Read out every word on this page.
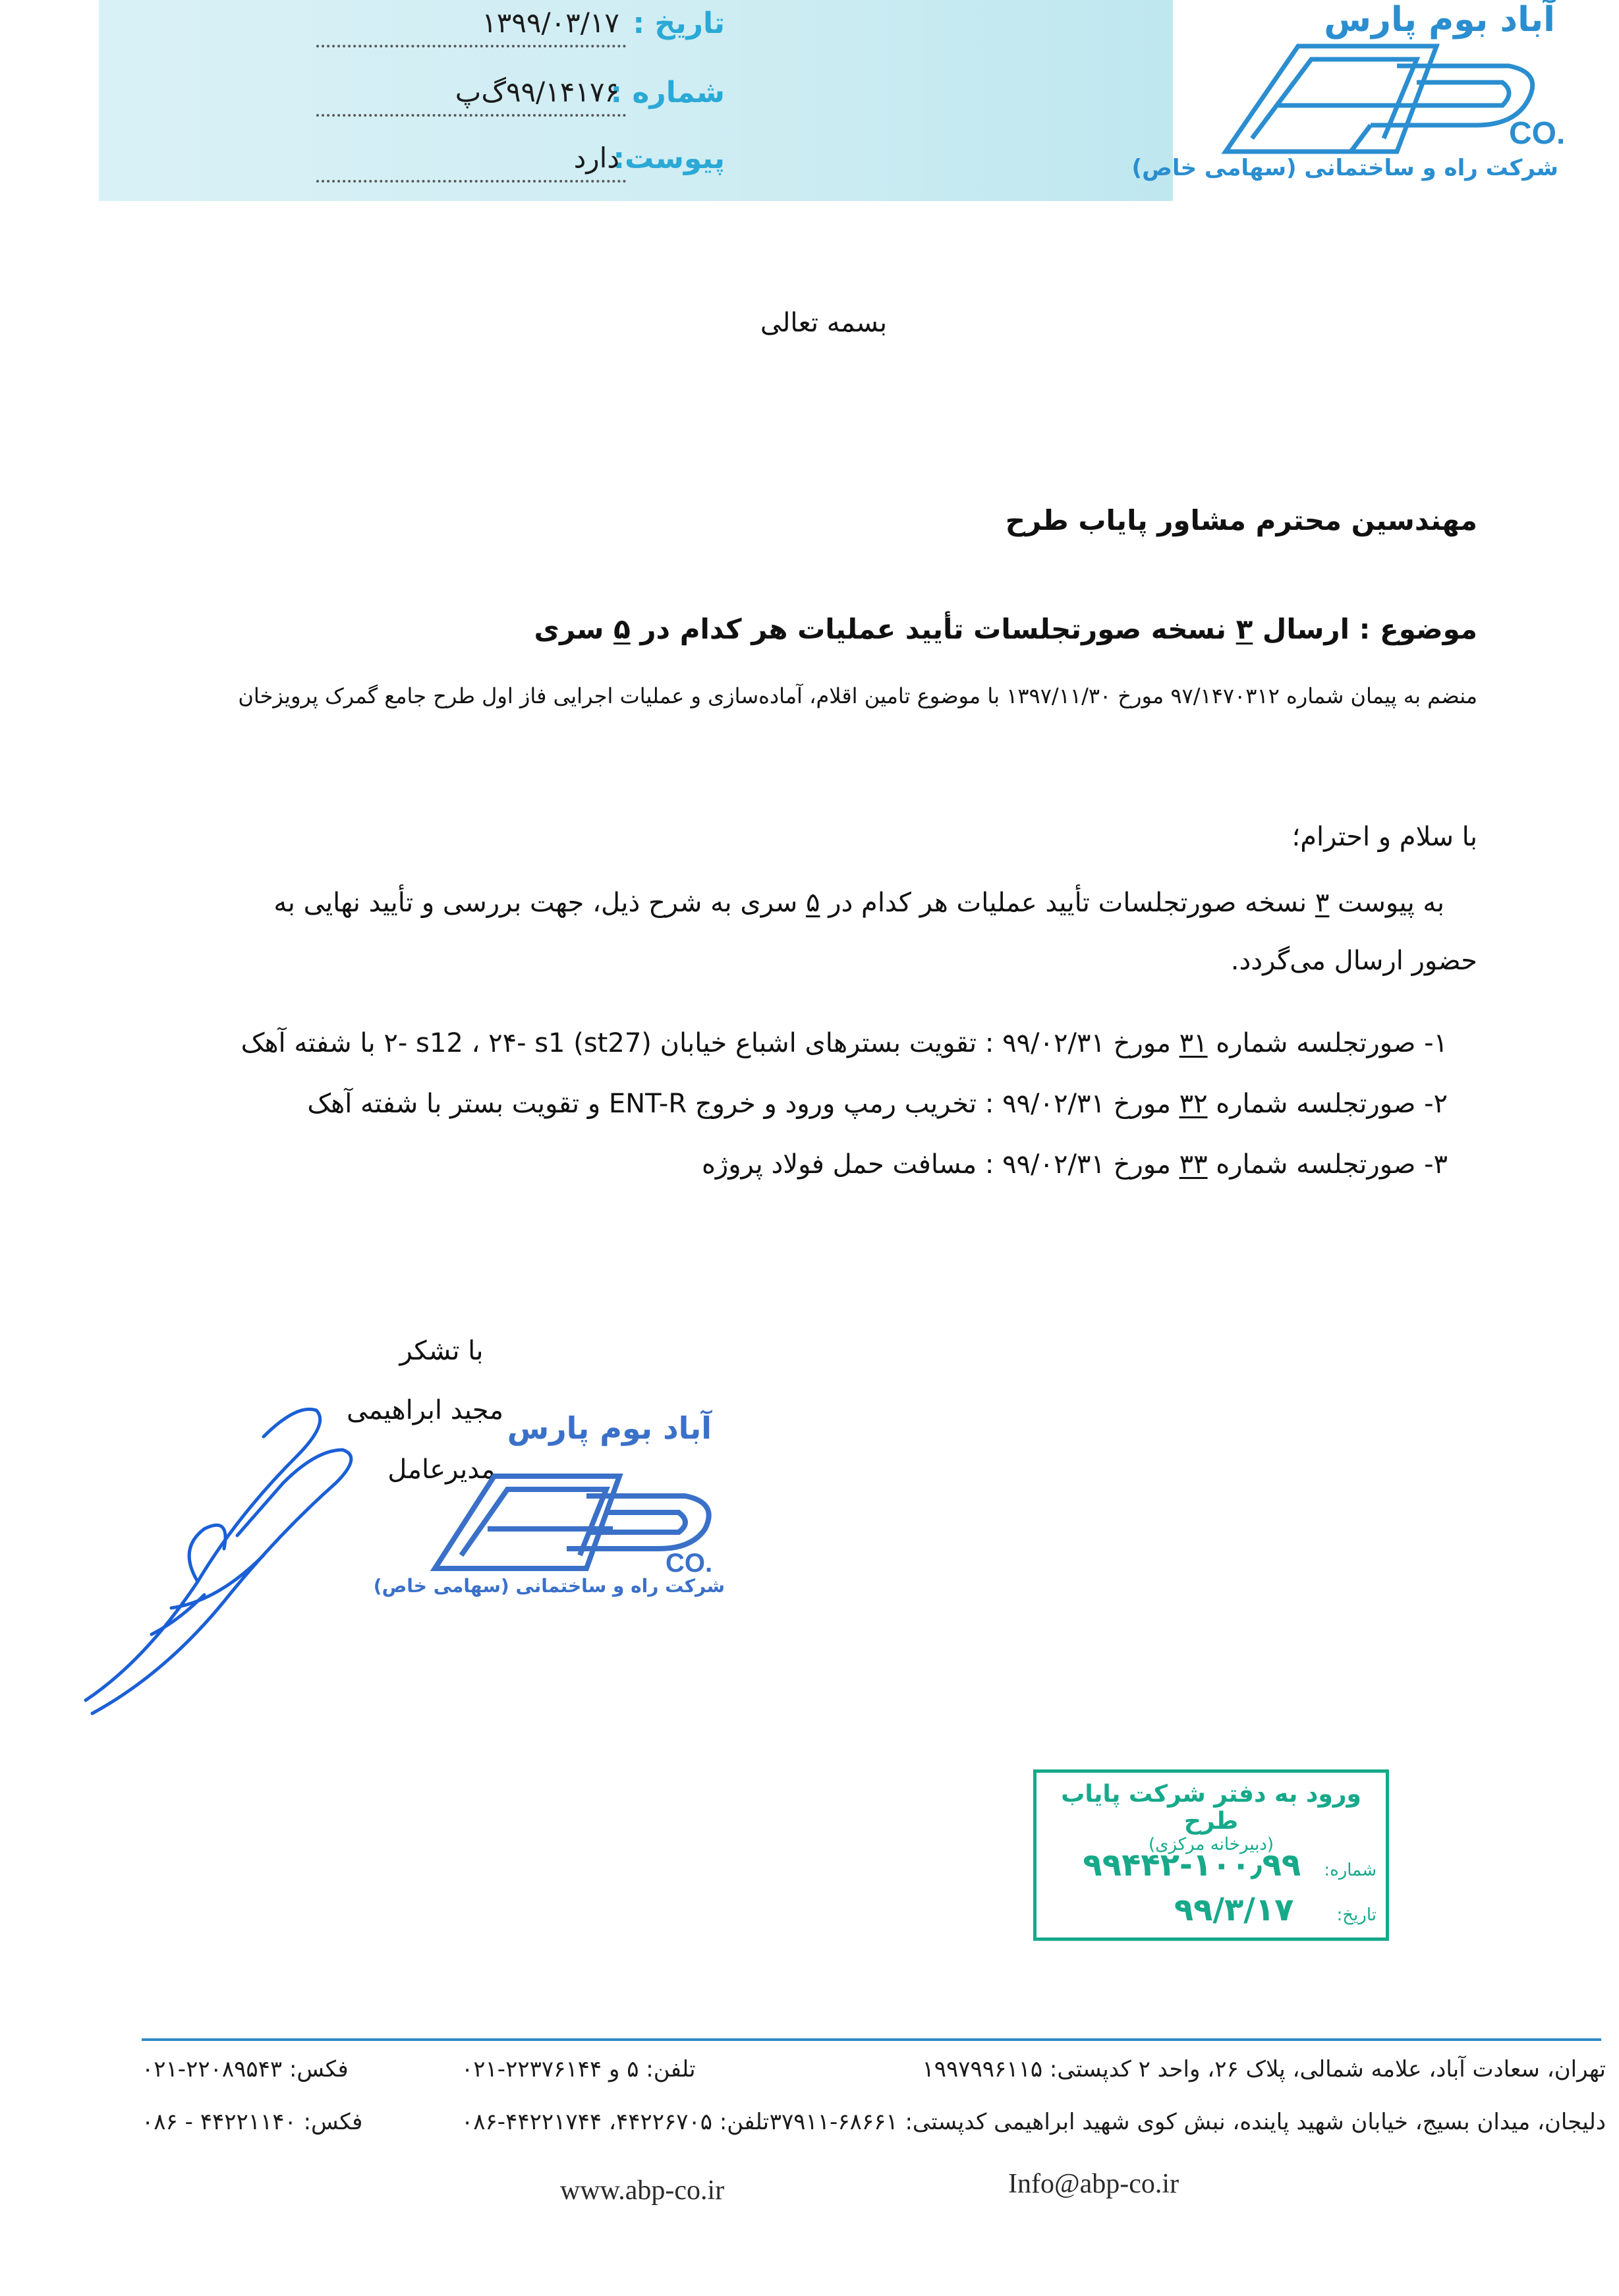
تاریخ :
۱۳۹۹/۰۳/۱۷
شماره :
۹۹/۱۴۱۷۶گ‌پ
پیوست:
دارد
آباد بوم پارس
CO.
شرکت راه و ساختمانی (سهامی خاص)
بسمه تعالی
مهندسین محترم مشاور پایاب طرح
موضوع : ارسال ۳ نسخه صورتجلسات تأیید عملیات هر کدام در ۵ سری
منضم به پیمان شماره ۹۷/۱۴۷۰۳۱۲ مورخ ۱۳۹۷/۱۱/۳۰ با موضوع تامین اقلام، آماده‌سازی و عملیات اجرایی فاز اول طرح جامع گمرک پرویزخان
با سلام و احترام؛
به پیوست ۳ نسخه صورتجلسات تأیید عملیات هر کدام در ۵ سری به شرح ذیل، جهت بررسی و تأیید نهایی به
حضور ارسال می‌گردد.
۱- صورتجلسه شماره ۳۱ مورخ ۹۹/۰۲/۳۱ : تقویت بسترهای اشباع خیابان (st27) ۲- s12 ، ۲۴- s1 با شفته آهک
۲- صورتجلسه شماره ۳۲ مورخ ۹۹/۰۲/۳۱ : تخریب رمپ ورود و خروج ENT-R و تقویت بستر با شفته آهک
۳- صورتجلسه شماره ۳۳ مورخ ۹۹/۰۲/۳۱ : مسافت حمل فولاد پروژه
با تشکر
مجید ابراهیمی
مدیرعامل
آباد بوم پارس
CO.
شرکت راه و ساختمانی (سهامی خاص)
ورود به دفتر شرکت پایاب طرح
(دبیرخانه مرکزی)
شماره: ۱۰۰٫۹۹-۹۹۴۴۲
تاریخ: ۹۹/۳/۱۷
تهران، سعادت آباد، علامه شمالی، پلاک ۲۶، واحد ۲ کدپستی: ۱۹۹۷۹۹۶۱۱۵
تلفن: ۵ و ۲۲۳۷۶۱۴۴-۰۲۱
فکس: ۲۲۰۸۹۵۴۳-۰۲۱
دلیجان، میدان بسیج، خیابان شهید پاینده، نبش کوی شهید ابراهیمی کدپستی: ۶۸۶۶۱-۳۷۹۱۱
تلفن: ۴۴۲۲۶۷۰۵، ۴۴۲۲۱۷۴۴-۰۸۶
فکس: ۴۴۲۲۱۱۴۰ - ۰۸۶
www.abp-co.ir	Info@abp-co.ir
